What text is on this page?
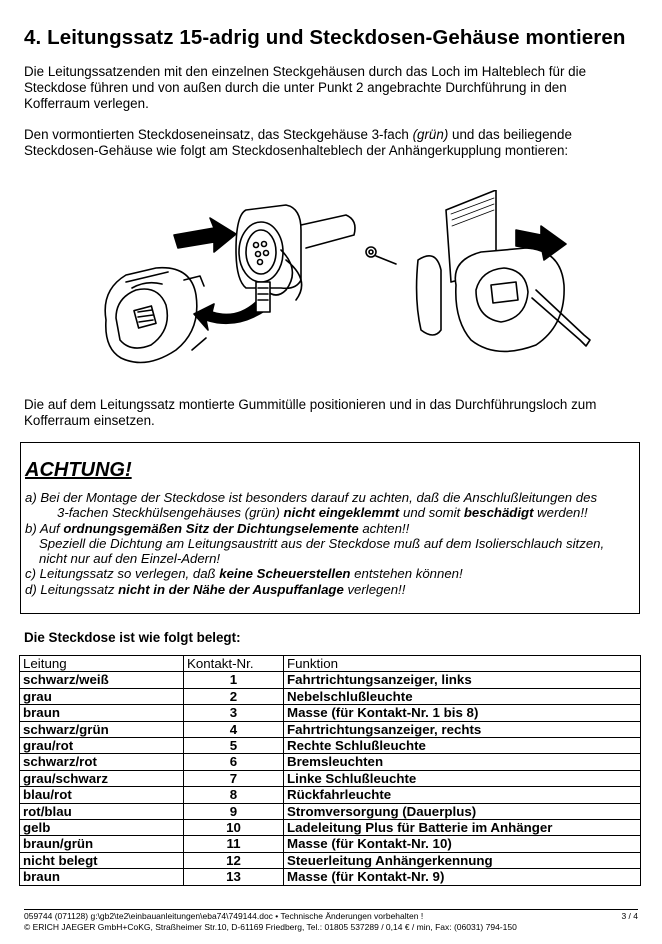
4. Leitungssatz 15-adrig und Steckdosen-Gehäuse montieren

Die Leitungssatzenden mit den einzelnen Steckgehäusen durch das Loch im Halteblech für die Steckdose führen und von außen durch die unter Punkt 2 angebrachte Durchführung in den Kofferraum verlegen.

Den vormontierten Steckdoseneinsatz, das Steckgehäuse 3-fach (grün) und das beiliegende Steckdosen-Gehäuse wie folgt am Steckdosenhalteblech der Anhängerkupplung montieren:

Die auf dem Leitungssatz montierte Gummitülle positionieren und in das Durchführungsloch zum Kofferraum einsetzen.

ACHTUNG!
a) Bei der Montage der Steckdose ist besonders darauf zu achten, daß die Anschlußleitungen des
3-fachen Steckhülsengehäuses (grün) nicht eingeklemmt und somit beschädigt werden!!
b) Auf ordnungsgemäßen Sitz der Dichtungselemente achten!!
Speziell die Dichtung am Leitungsaustritt aus der Steckdose muß auf dem Isolierschlauch sitzen,
nicht nur auf den Einzel-Adern!
c) Leitungssatz so verlegen, daß keine Scheuerstellen entstehen können!
d) Leitungssatz nicht in der Nähe der Auspuffanlage verlegen!!
Die Steckdose ist wie folgt belegt:
Leitung	Kontakt-Nr.	Funktion
schwarz/weiß	1	Fahrtrichtungsanzeiger, links
grau	2	Nebelschlußleuchte
braun	3	Masse (für Kontakt-Nr. 1 bis 8)
schwarz/grün	4	Fahrtrichtungsanzeiger, rechts
grau/rot	5	Rechte Schlußleuchte
schwarz/rot	6	Bremsleuchten
grau/schwarz	7	Linke Schlußleuchte
blau/rot	8	Rückfahrleuchte
rot/blau	9	Stromversorgung (Dauerplus)
gelb	10	Ladeleitung Plus für Batterie im Anhänger
braun/grün	11	Masse (für Kontakt-Nr. 10)
nicht belegt	12	Steuerleitung Anhängerkennung
braun	13	Masse (für Kontakt-Nr. 9)
059744 (071128) g:\gb2\te2\einbauanleitungen\eba74\749144.doc • Technische Änderungen vorbehalten !
© ERICH JAEGER GmbH+CoKG, Straßheimer Str.10, D-61169 Friedberg, Tel.: 01805 537289 / 0,14 € / min, Fax: (06031) 794-150
3 / 4
